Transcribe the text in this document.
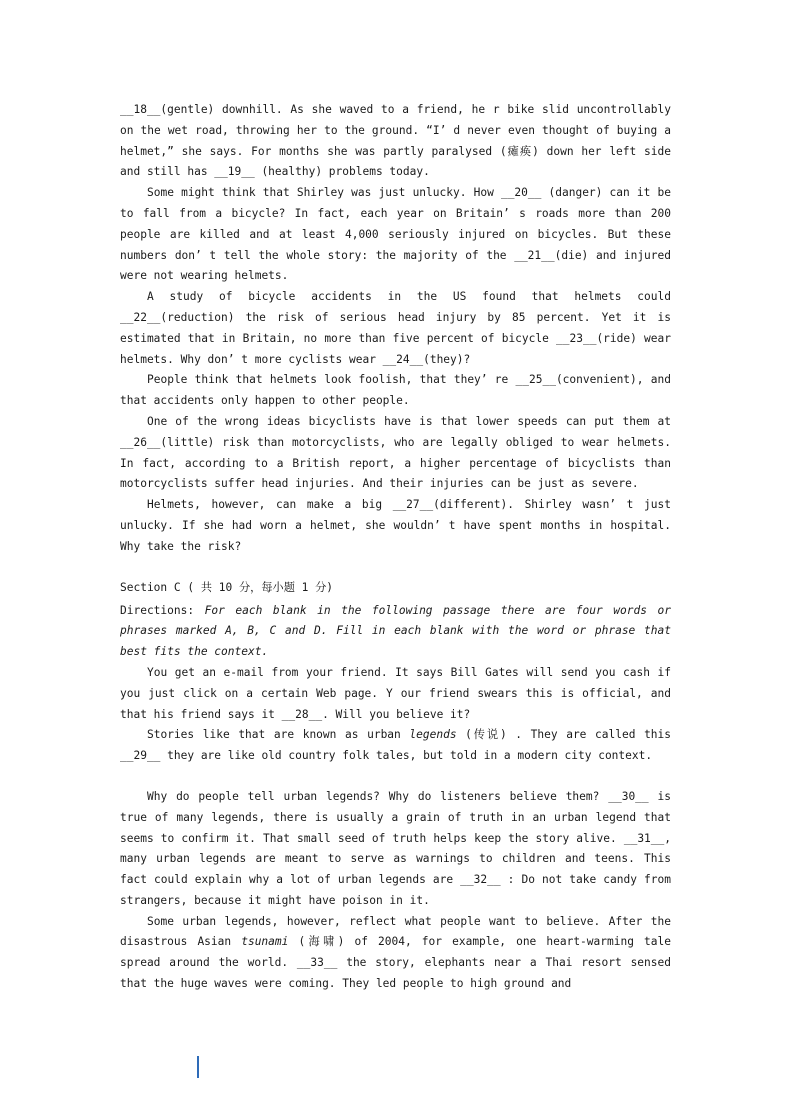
__18__(gentle) downhill. As she waved to a friend, he r bike slid uncontrollably on the wet road, throwing her to the ground. “I’ d never even thought of buying a helmet,” she says. For months she was partly paralysed (瘫痪) down her left side and still has __19__ (healthy) problems today.

Some might think that Shirley was just unlucky. How __20__ (danger) can it be to fall from a bicycle? In fact, each year on Britain’ s roads more than 200 people are killed and at least 4,000 seriously injured on bicycles. But these numbers don’ t tell the whole story: the majority of the __21__(die) and injured were not wearing helmets.

A study of bicycle accidents in the US found that helmets could __22__(reduction) the risk of serious head injury by 85 percent. Yet it is estimated that in Britain, no more than five percent of bicycle __23__(ride) wear helmets. Why don’ t more cyclists wear __24__(they)?

People think that helmets look foolish, that they’ re __25__(convenient), and that accidents only happen to other people.

One of the wrong ideas bicyclists have is that lower speeds can put them at __26__(little) risk than motorcyclists, who are legally obliged to wear helmets. In fact, according to a British report, a higher percentage of bicyclists than motorcyclists suffer head injuries. And their injuries can be just as severe.

Helmets, however, can make a big __27__(different). Shirley wasn’ t just unlucky. If she had worn a helmet, she wouldn’ t have spent months in hospital. Why take the risk?

Section C ( 共 10 分，每小题 1 分)

Directions: For each blank in the following passage there are four words or phrases marked A, B, C and D. Fill in each blank with the word or phrase that best fits the context.

You get an e-mail from your friend. It says Bill Gates will send you cash if you just click on a certain Web page. Y our friend swears this is official, and that his friend says it __28__. Will you believe it?

Stories like that are known as urban legends (传说) . They are called this __29__ they are like old country folk tales, but told in a modern city context.

Why do people tell urban legends? Why do listeners believe them? __30__ is true of many legends, there is usually a grain of truth in an urban legend that seems to confirm it. That small seed of truth helps keep the story alive. __31__, many urban legends are meant to serve as warnings to children and teens. This fact could explain why a lot of urban legends are __32__ : Do not take candy from strangers, because it might have poison in it.

Some urban legends, however, reflect what people want to believe. After the disastrous Asian tsunami (海啸) of 2004, for example, one heart-warming tale spread around the world. __33__ the story, elephants near a Thai resort sensed that the huge waves were coming. They led people to high ground and
